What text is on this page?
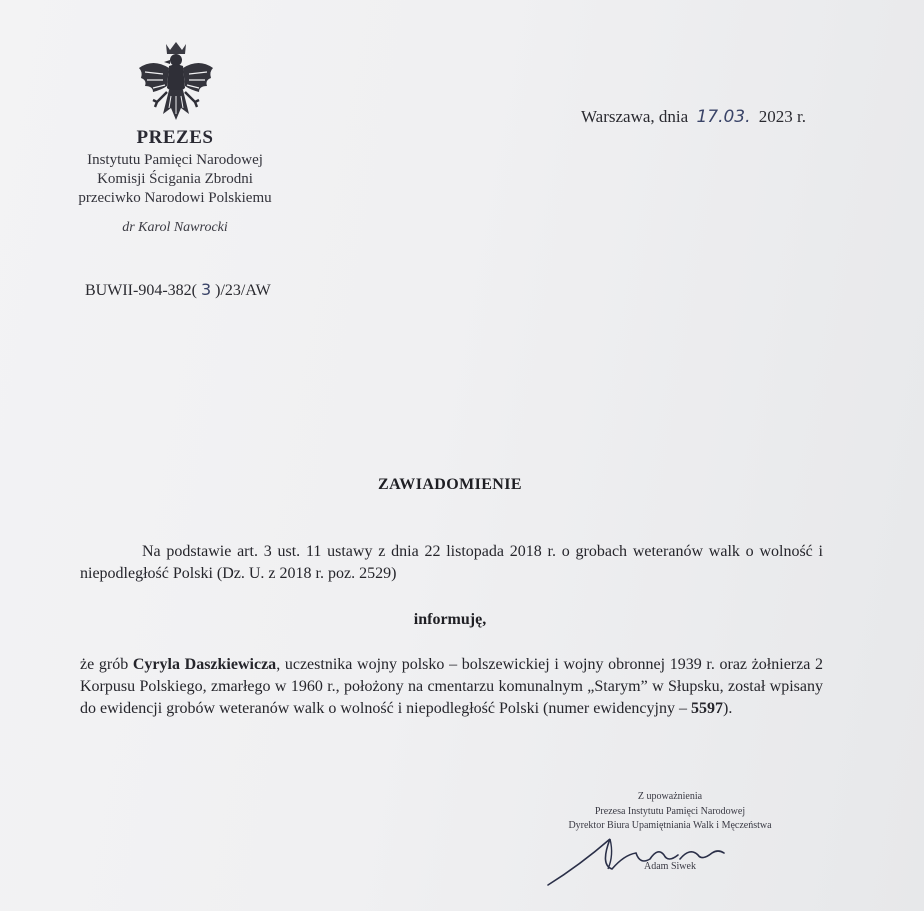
PREZES
Instytutu Pamięci Narodowej
Komisji Ścigania Zbrodni
przeciwko Narodowi Polskiemu
dr Karol Nawrocki
Warszawa, dnia 17.03. 2023 r.
BUWII-904-382( 3 )/23/AW
ZAWIADOMIENIE
Na podstawie art. 3 ust. 11 ustawy z dnia 22 listopada 2018 r. o grobach weteranów walk o wolność i niepodległość Polski (Dz. U. z 2018 r. poz. 2529)
informuję,
że grób Cyryla Daszkiewicza, uczestnika wojny polsko – bolszewickiej i wojny obronnej 1939 r. oraz żołnierza 2 Korpusu Polskiego, zmarłego w 1960 r., położony na cmentarzu komunalnym „Starym” w Słupsku, został wpisany do ewidencji grobów weteranów walk o wolność i niepodległość Polski (numer ewidencyjny – 5597).
Z upoważnienia
Prezesa Instytutu Pamięci Narodowej
Dyrektor Biura Upamiętniania Walk i Męczeństwa
Adam Siwek
